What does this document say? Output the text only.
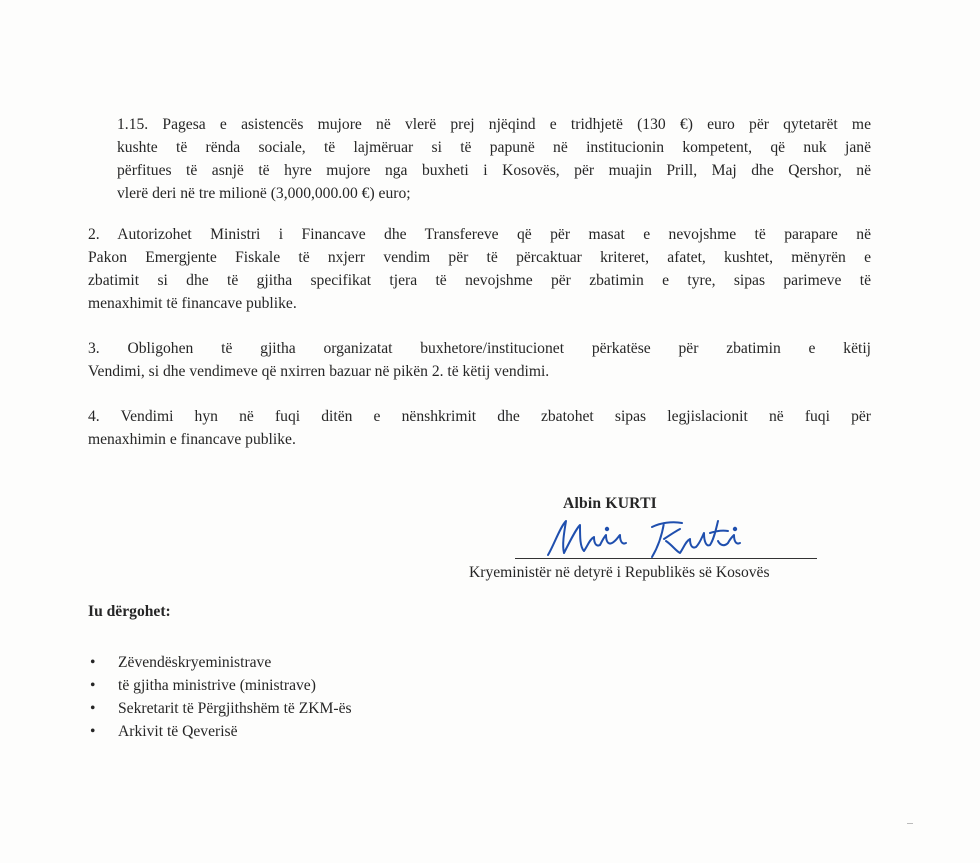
1.15. Pagesa e asistencës mujore në vlerë prej njëqind e tridhjetë (130 €) euro për qytetarët me
kushte të rënda sociale, të lajmëruar si të papunë në institucionin kompetent, që nuk janë
përfitues të asnjë të hyre mujore nga buxheti i Kosovës, për muajin Prill, Maj dhe Qershor, në
vlerë deri në tre milionë (3,000,000.00 €) euro;

2. Autorizohet Ministri i Financave dhe Transfereve që për masat e nevojshme të parapare në
Pakon Emergjente Fiskale të nxjerr vendim për të përcaktuar kriteret, afatet, kushtet, mënyrën e
zbatimit si dhe të gjitha specifikat tjera të nevojshme për zbatimin e tyre, sipas parimeve të
menaxhimit të financave publike.

3. Obligohen të gjitha organizatat buxhetore/institucionet përkatëse për zbatimin e këtij
Vendimi, si dhe vendimeve që nxirren bazuar në pikën 2. të këtij vendimi.

4. Vendimi hyn në fuqi ditën e nënshkrimit dhe zbatohet sipas legjislacionit në fuqi për
menaxhimin e financave publike.

Albin KURTI
Kryeministër në detyrë i Republikës së Kosovës
Iu dërgohet:
• Zëvendëskryeministrave
• të gjitha ministrive (ministrave)
• Sekretarit të Përgjithshëm të ZKM-ës
• Arkivit të Qeverisë
